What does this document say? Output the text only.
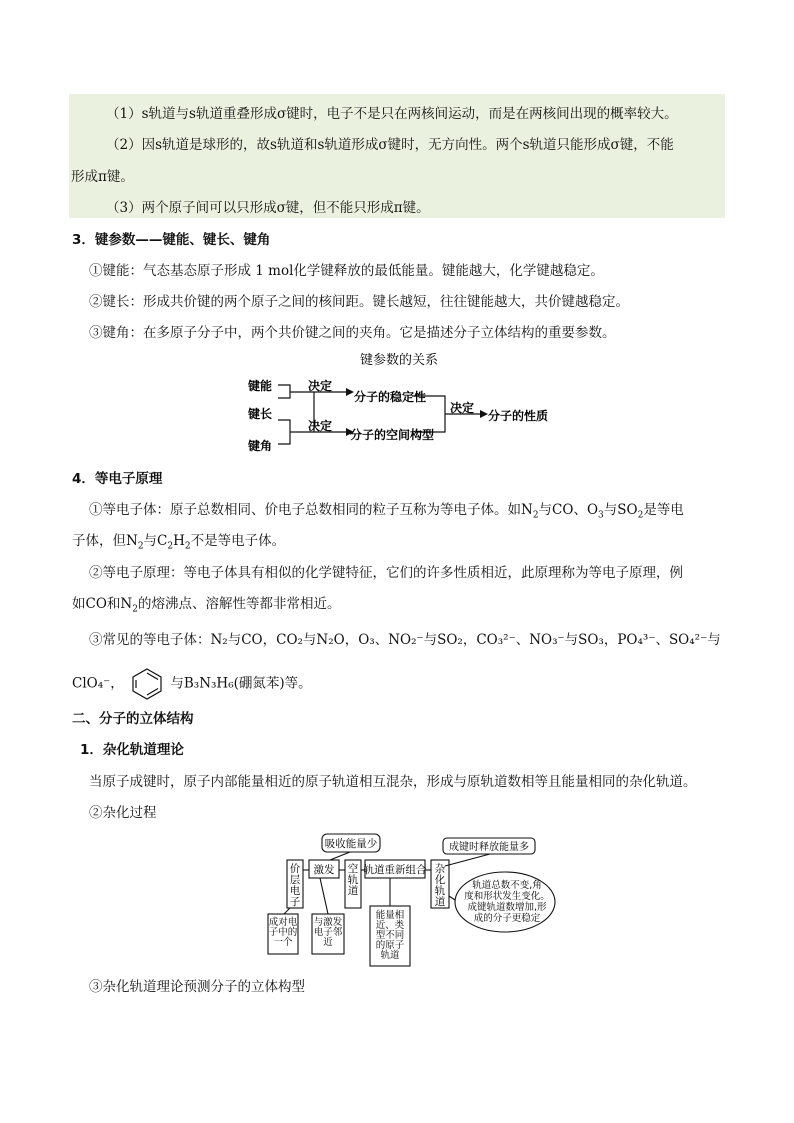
（1）s轨道与s轨道重叠形成σ键时，电子不是只在两核间运动，而是在两核间出现的概率较大。
（2）因s轨道是球形的，故s轨道和s轨道形成σ键时，无方向性。两个s轨道只能形成σ键，不能
形成π键。
（3）两个原子间可以只形成σ键，但不能只形成π键。
3．键参数——键能、键长、键角
①键能：气态基态原子形成 1 mol化学键释放的最低能量。键能越大，化学键越稳定。
②键长：形成共价键的两个原子之间的核间距。键长越短，往往键能越大，共价键越稳定。
③键角：在多原子分子中，两个共价键之间的夹角。它是描述分子立体结构的重要参数。
键参数的关系
键能
键长
键角
决定
决定
决定
分子的稳定性
分子的空间构型
分子的性质
4．等电子原理
①等电子体：原子总数相同、价电子总数相同的粒子互称为等电子体。如$N_2$与CO、$O_3$与$SO_2$是等电
子体，但$N_2$与$C_2H_2$不是等电子体。
②等电子原理：等电子体具有相似的化学键特征，它们的许多性质相近，此原理称为等电子原理，例
如CO和$N_2$的熔沸点、溶解性等都非常相近。
③常见的等电子体：N₂与CO，CO₂与N₂O，O₃、NO₂⁻与SO₂，CO₃²⁻、NO₃⁻与SO₃，PO₄³⁻、SO₄²⁻与
ClO₄⁻，	与B₃N₃H₆(硼氮苯)等。
二、分子的立体结构
1．杂化轨道理论
当原子成键时，原子内部能量相近的原子轨道相互混杂，形成与原轨道数相等且能量相同的杂化轨道。
②杂化过程
吸收能量少	成键时释放能量多
激发	轨道重新组合
价层电子
空轨道
杂化轨道
成对电子中的一个
与激发电子邻近
能量相近、类型不同的原子轨道
轨道总数不变,角
度和形状发生变化。
成键轨道数增加,形
成的分子更稳定
③杂化轨道理论预测分子的立体构型
